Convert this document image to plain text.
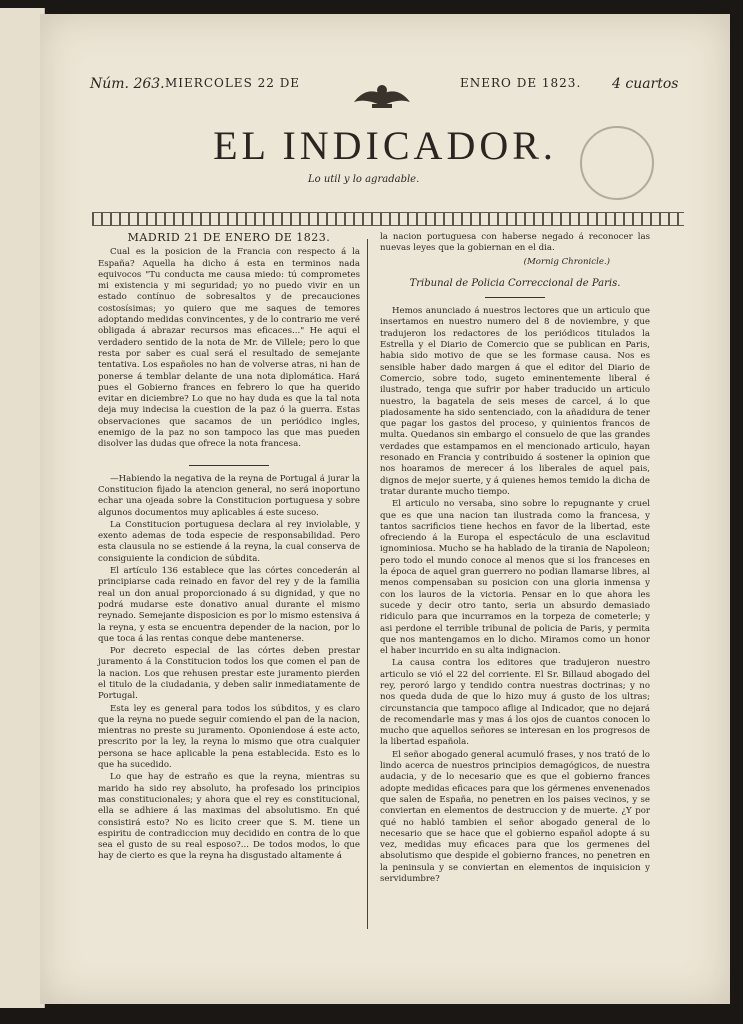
Núm. 263. MIERCOLES 22 DE	ENERO DE 1823. 4 cuartos
EL INDICADOR.
Lo util y lo agradable.
MADRID 21 DE ENERO DE 1823.

Cual es la posicion de la Francia con respecto á la España? Aquella ha dicho á esta en terminos nada equivocos "Tu conducta me causa miedo: tú comprometes mi existencia y mi seguridad; yo no puedo vivir en un estado contínuo de sobresaltos y de precauciones costosísimas; yo quiero que me saques de temores adoptando medidas convincentes, y de lo contrario me veré obligada á abrazar recursos mas eficaces..." He aqui el verdadero sentido de la nota de Mr. de Villele; pero lo que resta por saber es cual será el resultado de semejante tentativa. Los españoles no han de volverse atras, ni han de ponerse á temblar delante de una nota diplomática. Hará pues el Gobierno frances en febrero lo que ha querido evitar en diciembre? Lo que no hay duda es que la tal nota deja muy indecisa la cuestion de la paz ó la guerra. Estas observaciones que sacamos de un periódico ingles, enemigo de la paz no son tampoco las que mas pueden disolver las dudas que ofrece la nota francesa.

—Habiendo la negativa de la reyna de Portugal á jurar la Constitucion fijado la atencion general, no será inoportuno echar una ojeada sobre la Constitucion portuguesa y sobre algunos documentos muy aplicables á este suceso.

La Constitucion portuguesa declara al rey inviolable, y exento ademas de toda especie de responsabilidad. Pero esta clausula no se estiende á la reyna, la cual conserva de consiguiente la condicion de súbdita.

El artículo 136 establece que las córtes concederán al principiarse cada reinado en favor del rey y de la familia real un don anual proporcionado á su dignidad, y que no podrá mudarse este donativo anual durante el mismo reynado. Semejante disposicion es por lo mismo estensiva á la reyna, y esta se encuentra depender de la nacion, por lo que toca á las rentas conque debe mantenerse.

Por decreto especial de las córtes deben prestar juramento á la Constitucion todos los que comen el pan de la nacion. Los que rehusen prestar este juramento pierden el titulo de la ciudadania, y deben salir inmediatamente de Portugal.

Esta ley es general para todos los súbditos, y es claro que la reyna no puede seguir comiendo el pan de la nacion, mientras no preste su juramento. Oponiendose á este acto, prescrito por la ley, la reyna lo mismo que otra cualquier persona se hace aplicable la pena establecida. Esto es lo que ha sucedido.

Lo que hay de estraño es que la reyna, mientras su marido ha sido rey absoluto, ha profesado los principios mas constitucionales; y ahora que el rey es constitucional, ella se adhiere á las maximas del absolutismo. En qué consistirá esto? No es licito creer que S. M. tiene un espiritu de contradiccion muy decidido en contra de lo que sea el gusto de su real esposo?... De todos modos, lo que hay de cierto es que la reyna ha disgustado altamente á

la nacion portuguesa con haberse negado á reconocer las nuevas leyes que la gobiernan en el dia.

(Mornig Chronicle.)
Tribunal de Policia Correccional de Paris.

Hemos anunciado á nuestros lectores que un articulo que insertamos en nuestro numero del 8 de noviembre, y que tradujeron los redactores de los periódicos titulados la Estrella y el Diario de Comercio que se publican en Paris, habia sido motivo de que se les formase causa. Nos es sensible haber dado margen á que el editor del Diario de Comercio, sobre todo, sugeto eminentemente liberal é ilustrado, tenga que sufrir por haber traducido un articulo nuestro, la bagatela de seis meses de carcel, á lo que piadosamente ha sido sentenciado, con la añadidura de tener que pagar los gastos del proceso, y quinientos francos de multa. Quedanos sin embargo el consuelo de que las grandes verdades que estampamos en el mencionado articulo, hayan resonado en Francia y contribuido á sostener la opinion que nos hoaramos de merecer á los liberales de aquel pais, dignos de mejor suerte, y á quienes hemos temido la dicha de tratar durante mucho tiempo.

El articulo no versaba, sino sobre lo repugnante y cruel que es que una nacion tan ilustrada como la francesa, y tantos sacrificios tiene hechos en favor de la libertad, este ofreciendo á la Europa el espectáculo de una esclavitud ignominiosa. Mucho se ha hablado de la tirania de Napoleon; pero todo el mundo conoce al menos que si los franceses en la época de aquel gran guerrero no podian llamarse libres, al menos compensaban su posicion con una gloria inmensa y con los lauros de la victoria. Pensar en lo que ahora les sucede y decir otro tanto, seria un absurdo demasiado ridiculo para que incurramos en la torpeza de cometerle; y asi perdone el terrible tribunal de policia de Paris, y permita que nos mantengamos en lo dicho. Miramos como un honor el haber incurrido en su alta indignacion.

La causa contra los editores que tradujeron nuestro articulo se vió el 22 del corriente. El Sr. Billaud abogado del rey, peroró largo y tendido contra nuestras doctrinas; y no nos queda duda de que lo hizo muy á gusto de los ultras; circunstancia que tampoco aflige al Indicador, que no dejará de recomendarle mas y mas á los ojos de cuantos conocen lo mucho que aquellos señores se interesan en los progresos de la libertad española.

El señor abogado general acumuló frases, y nos trató de lo lindo acerca de nuestros principios demagógicos, de nuestra audacia, y de lo necesario que es que el gobierno frances adopte medidas eficaces para que los gérmenes envenenados que salen de España, no penetren en los paises vecinos, y se conviertan en elementos de destruccion y de muerte. ¿Y por qué no habló tambien el señor abogado general de lo necesario que se hace que el gobierno español adopte á su vez, medidas muy eficaces para que los germenes del absolutismo que despide el gobierno frances, no penetren en la peninsula y se conviertan en elementos de inquisicion y servidumbre?
